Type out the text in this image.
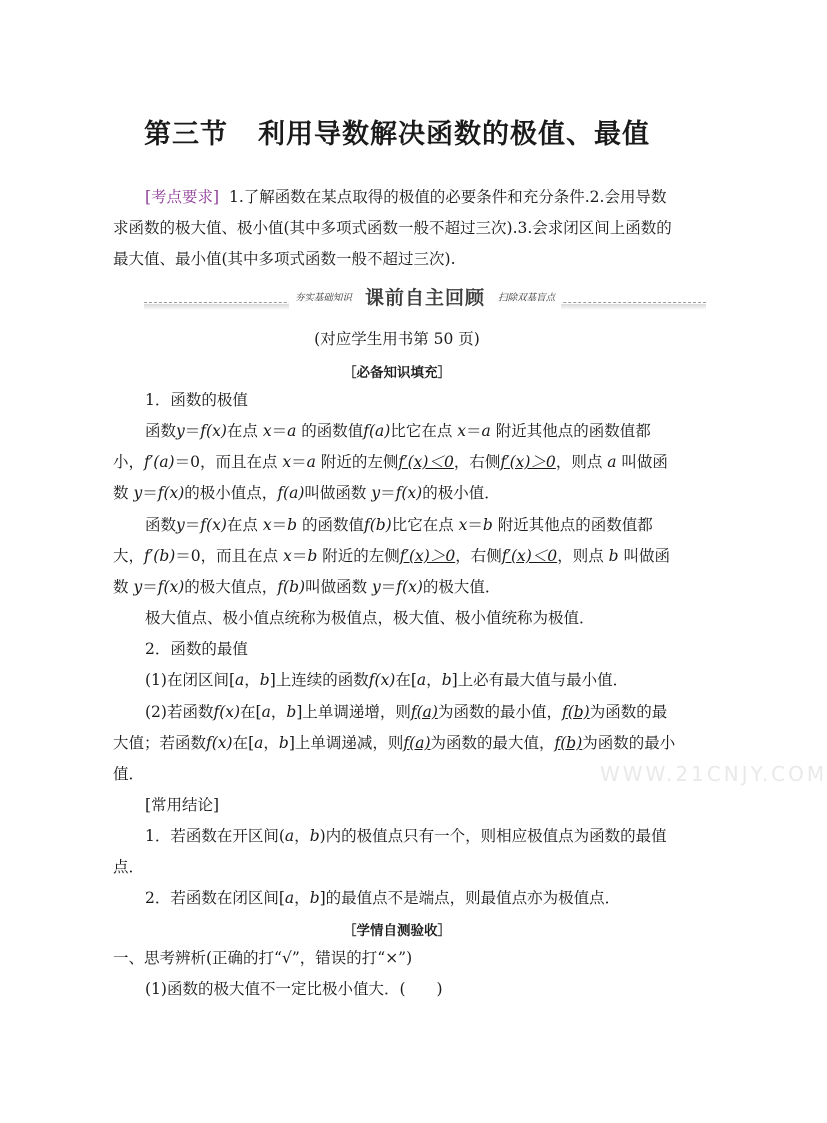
第三节 利用导数解决函数的极值、最值

[考点要求] 1.了解函数在某点取得的极值的必要条件和充分条件.2.会用导数求函数的极大值、极小值(其中多项式函数一般不超过三次).3.会求闭区间上函数的最大值、最小值(其中多项式函数一般不超过三次).

夯实基础知识 课前自主回顾 扫除双基盲点

(对应学生用书第 50 页)

［必备知识填充］

1．函数的极值

函数y＝f(x)在点 x＝a 的函数值f(a)比它在点 x＝a 附近其他点的函数值都小，f′(a)＝0，而且在点 x＝a 附近的左侧f′(x)＜0，右侧f′(x)＞0，则点 a 叫做函数 y＝f(x)的极小值点，f(a)叫做函数 y＝f(x)的极小值．

函数y＝f(x)在点 x＝b 的函数值f(b)比它在点 x＝b 附近其他点的函数值都大，f′(b)＝0，而且在点 x＝b 附近的左侧f′(x)＞0，右侧f′(x)＜0，则点 b 叫做函数 y＝f(x)的极大值点，f(b)叫做函数 y＝f(x)的极大值．

极大值点、极小值点统称为极值点，极大值、极小值统称为极值．

2．函数的最值

(1)在闭区间[a，b]上连续的函数f(x)在[a，b]上必有最大值与最小值．

(2)若函数f(x)在[a，b]上单调递增，则f(a)为函数的最小值，f(b)为函数的最大值；若函数f(x)在[a，b]上单调递减，则f(a)为函数的最大值，f(b)为函数的最小值．

[常用结论]

1．若函数在开区间(a，b)内的极值点只有一个，则相应极值点为函数的最值点．

2．若函数在闭区间[a，b]的最值点不是端点，则最值点亦为极值点．

［学情自测验收］

一、思考辨析(正确的打“√”，错误的打“×”)

(1)函数的极大值不一定比极小值大．(　　)

WWW.21CNJY.COM
